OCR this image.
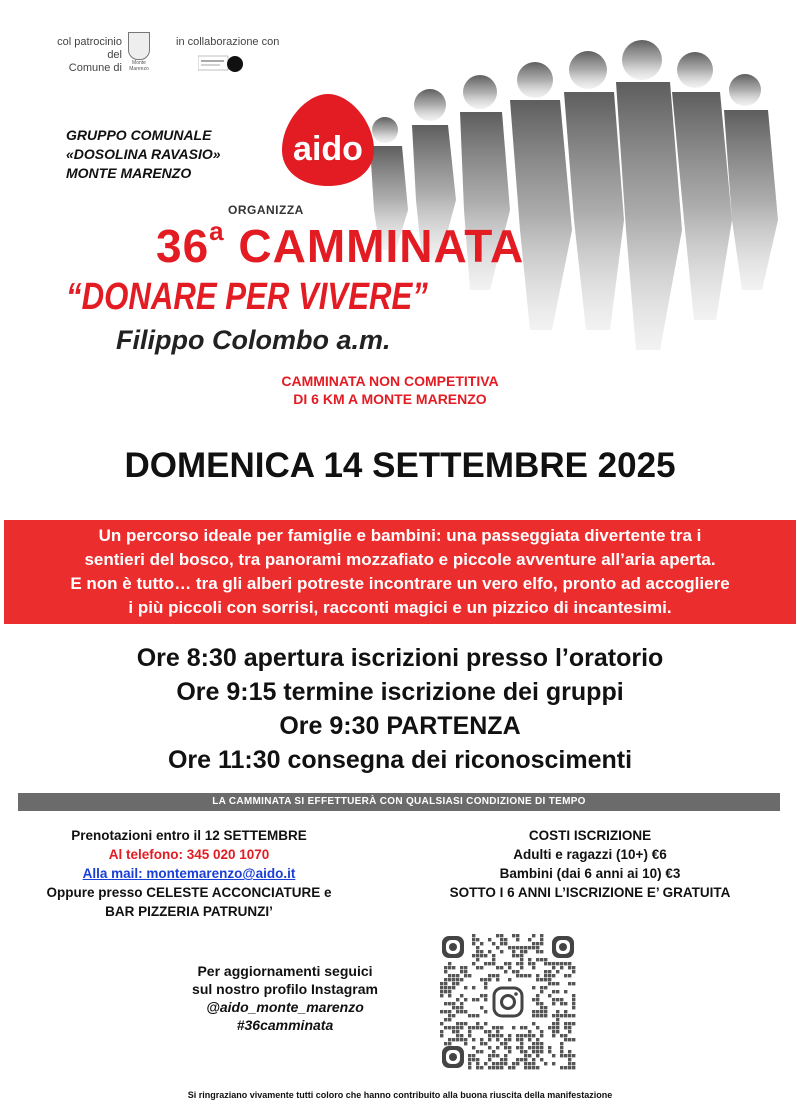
col patrocinio del
Comune di	Monte Marenzo
in collaborazione con
GRUPPO COMUNALE
«DOSOLINA RAVASIO»
MONTE MARENZO
aido
ORGANIZZA
36$^a$ CAMMINATA
“DONARE PER VIVERE”
Filippo Colombo a.m.
CAMMINATA NON COMPETITIVA
DI 6 KM A MONTE MARENZO
DOMENICA 14 SETTEMBRE 2025
Un percorso ideale per famiglie e bambini: una passeggiata divertente tra i
sentieri del bosco, tra panorami mozzafiato e piccole avventure all’aria aperta.
E non è tutto… tra gli alberi potreste incontrare un vero elfo, pronto ad accogliere
i più piccoli con sorrisi, racconti magici e un pizzico di incantesimi.
Ore 8:30 apertura iscrizioni presso l’oratorio
Ore 9:15 termine iscrizione dei gruppi
Ore 9:30 PARTENZA
Ore 11:30 consegna dei riconoscimenti
LA CAMMINATA SI EFFETTUERÀ CON QUALSIASI CONDIZIONE DI TEMPO
Prenotazioni entro il 12 SETTEMBRE
Al telefono: 345 020 1070
Alla mail: montemarenzo@aido.it
Oppure presso CELESTE ACCONCIATURE e
BAR PIZZERIA PATRUNZI’
COSTI ISCRIZIONE
Adulti e ragazzi (10+) €6
Bambini (dai 6 anni ai 10) €3
SOTTO I 6 ANNI L’ISCRIZIONE E’ GRATUITA
Per aggiornamenti seguici
sul nostro profilo Instagram
@aido_monte_marenzo
#36camminata
Si ringraziano vivamente tutti coloro che hanno contribuito alla buona riuscita della manifestazione
